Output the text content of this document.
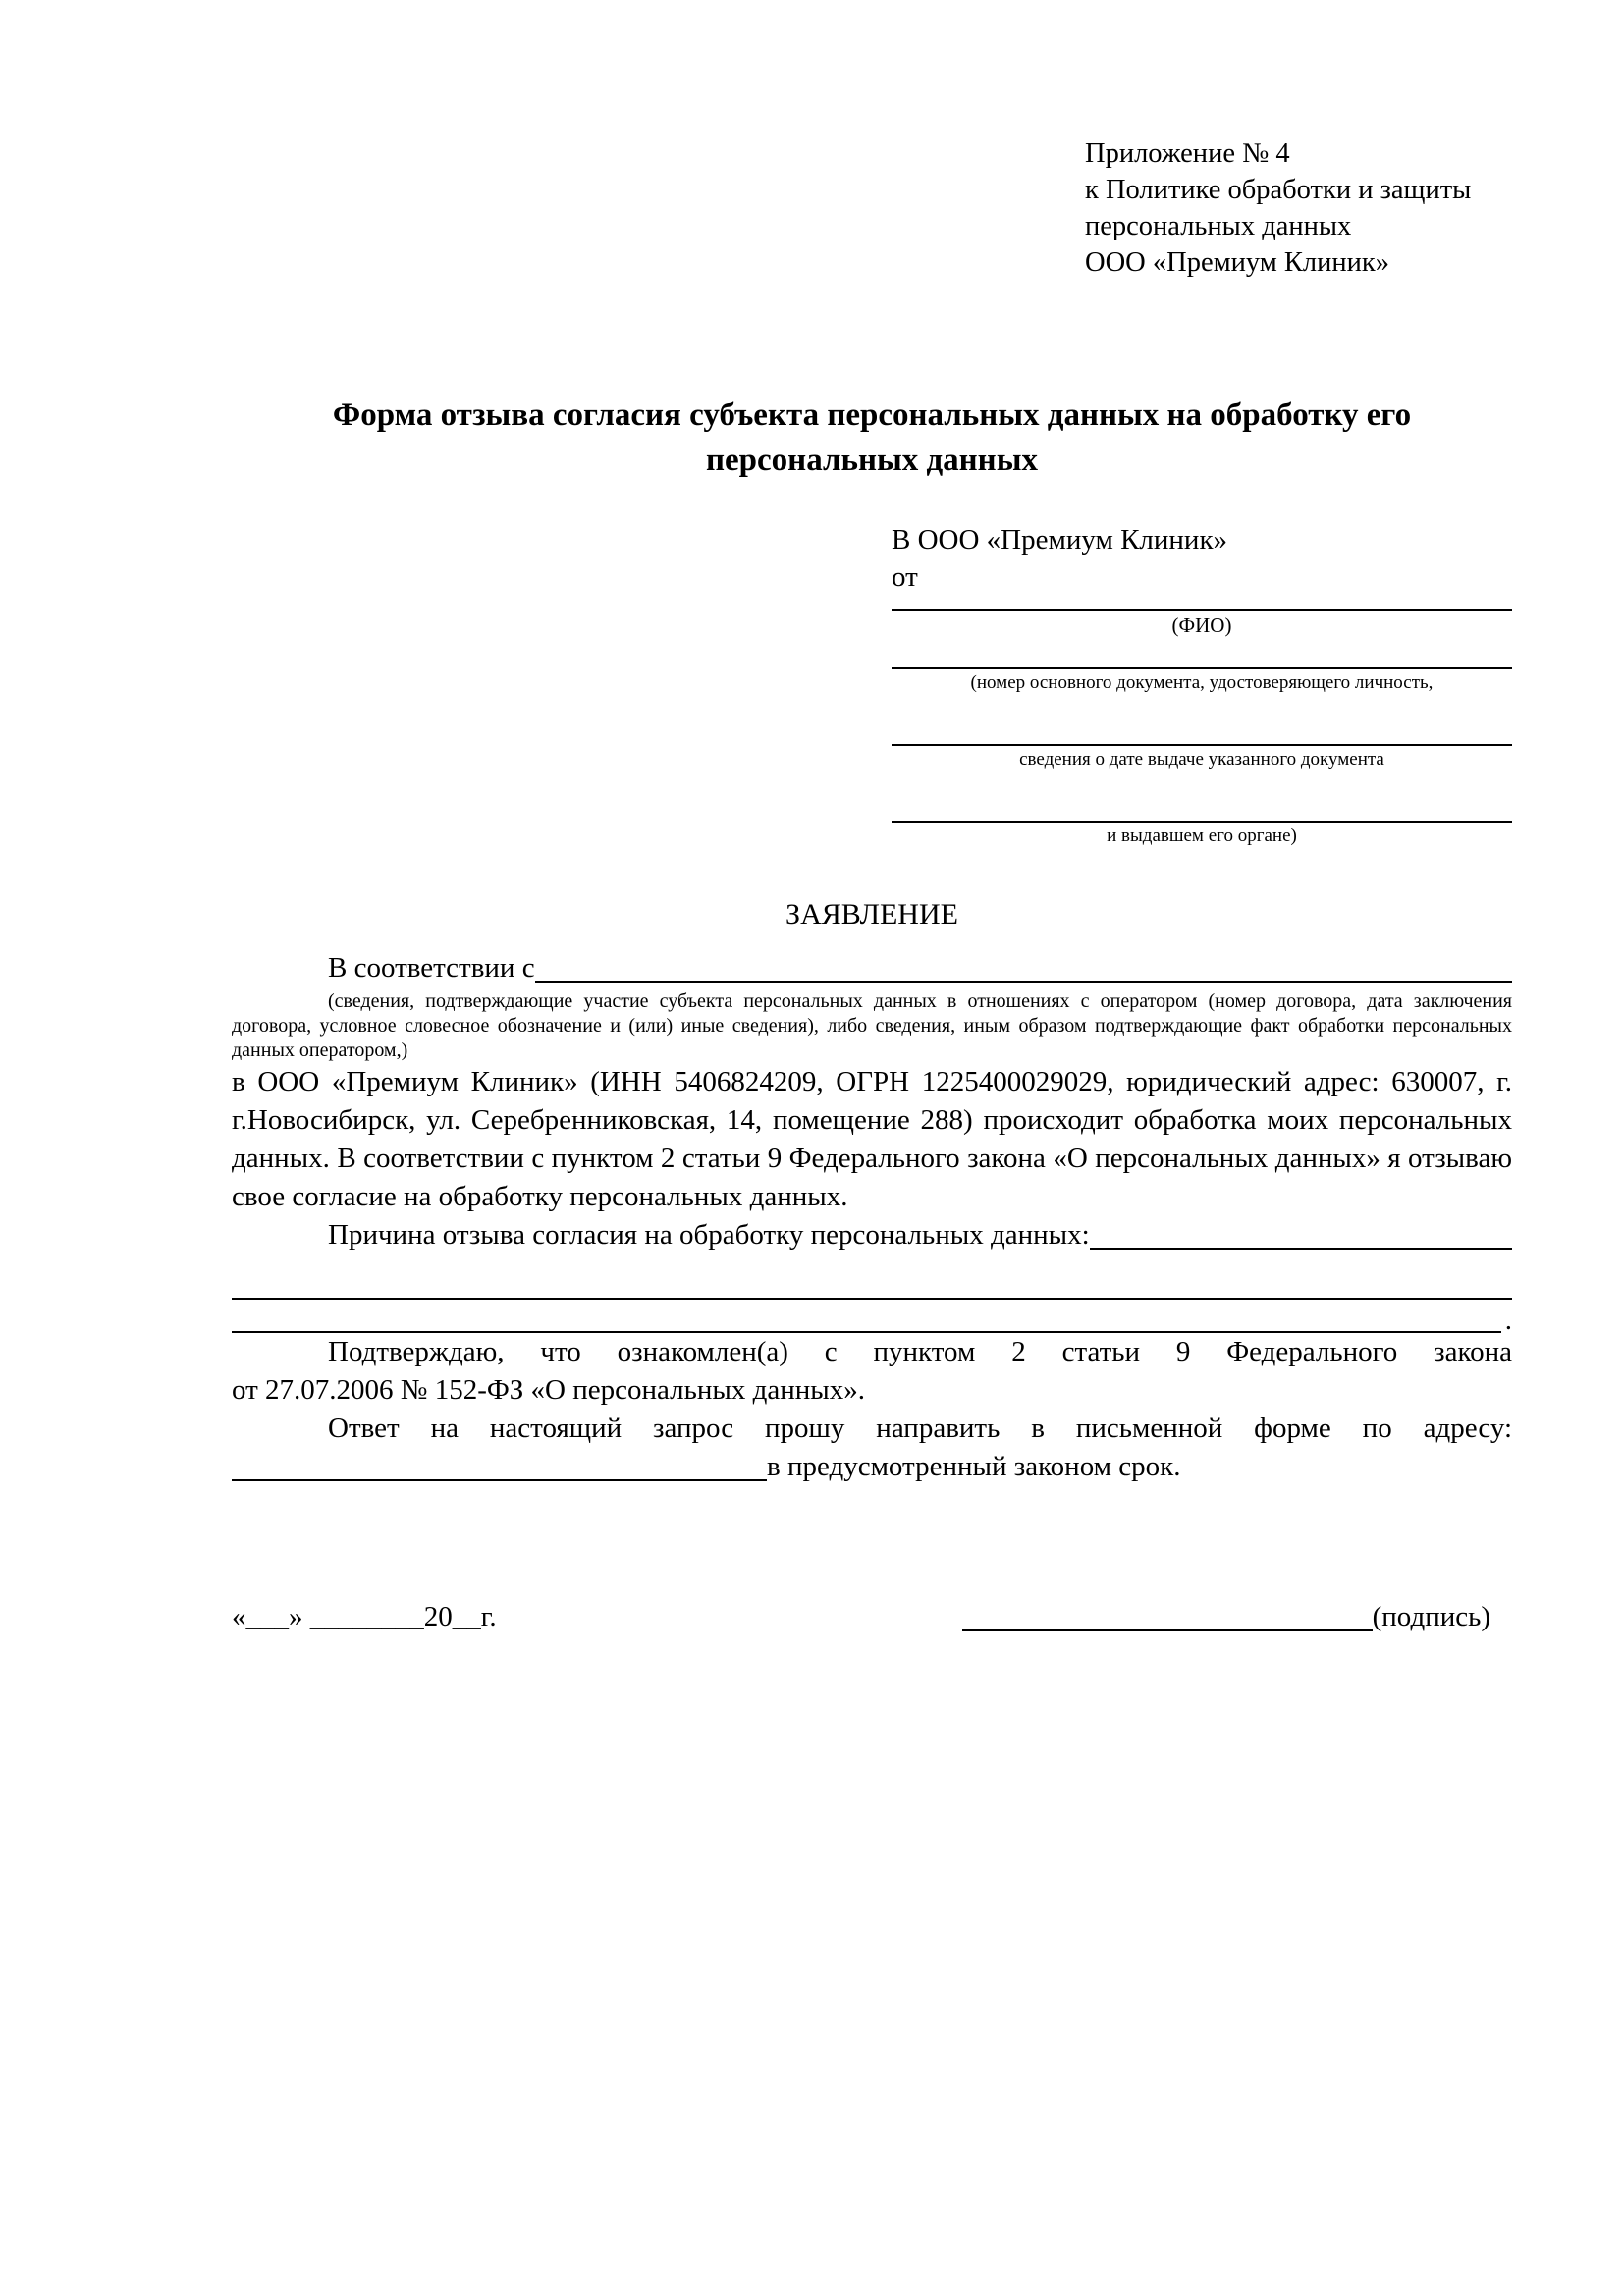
Приложение № 4
к Политике обработки и защиты
персональных данных
ООО «Премиум Клиник»
Форма отзыва согласия субъекта персональных данных на обработку его персональных данных
В ООО «Премиум Клиник»
от
(ФИО)
(номер основного документа, удостоверяющего личность,
сведения о дате выдаче указанного документа
и выдавшем его органе)
ЗАЯВЛЕНИЕ
В соответствии с
(сведения, подтверждающие участие субъекта персональных данных в отношениях с оператором (номер договора, дата заключения договора, условное словесное обозначение и (или) иные сведения), либо сведения, иным образом подтверждающие факт обработки персональных данных оператором,)
в ООО «Премиум Клиник» (ИНН 5406824209, ОГРН 1225400029029, юридический адрес: 630007, г. г.Новосибирск, ул. Серебренниковская, 14, помещение 288) происходит обработка моих персональных данных. В соответствии с пунктом 2 статьи 9 Федерального закона «О персональных данных» я отзываю свое согласие на обработку персональных данных.
Причина отзыва согласия на обработку персональных данных:
.
Подтверждаю, что ознакомлен(а) с пунктом 2 статьи 9 Федерального закона
от 27.07.2006 № 152-ФЗ «О персональных данных».
Ответ на настоящий запрос прошу направить в письменной форме по адресу:
в предусмотренный законом срок.
«___» ________20__г.	(подпись)
